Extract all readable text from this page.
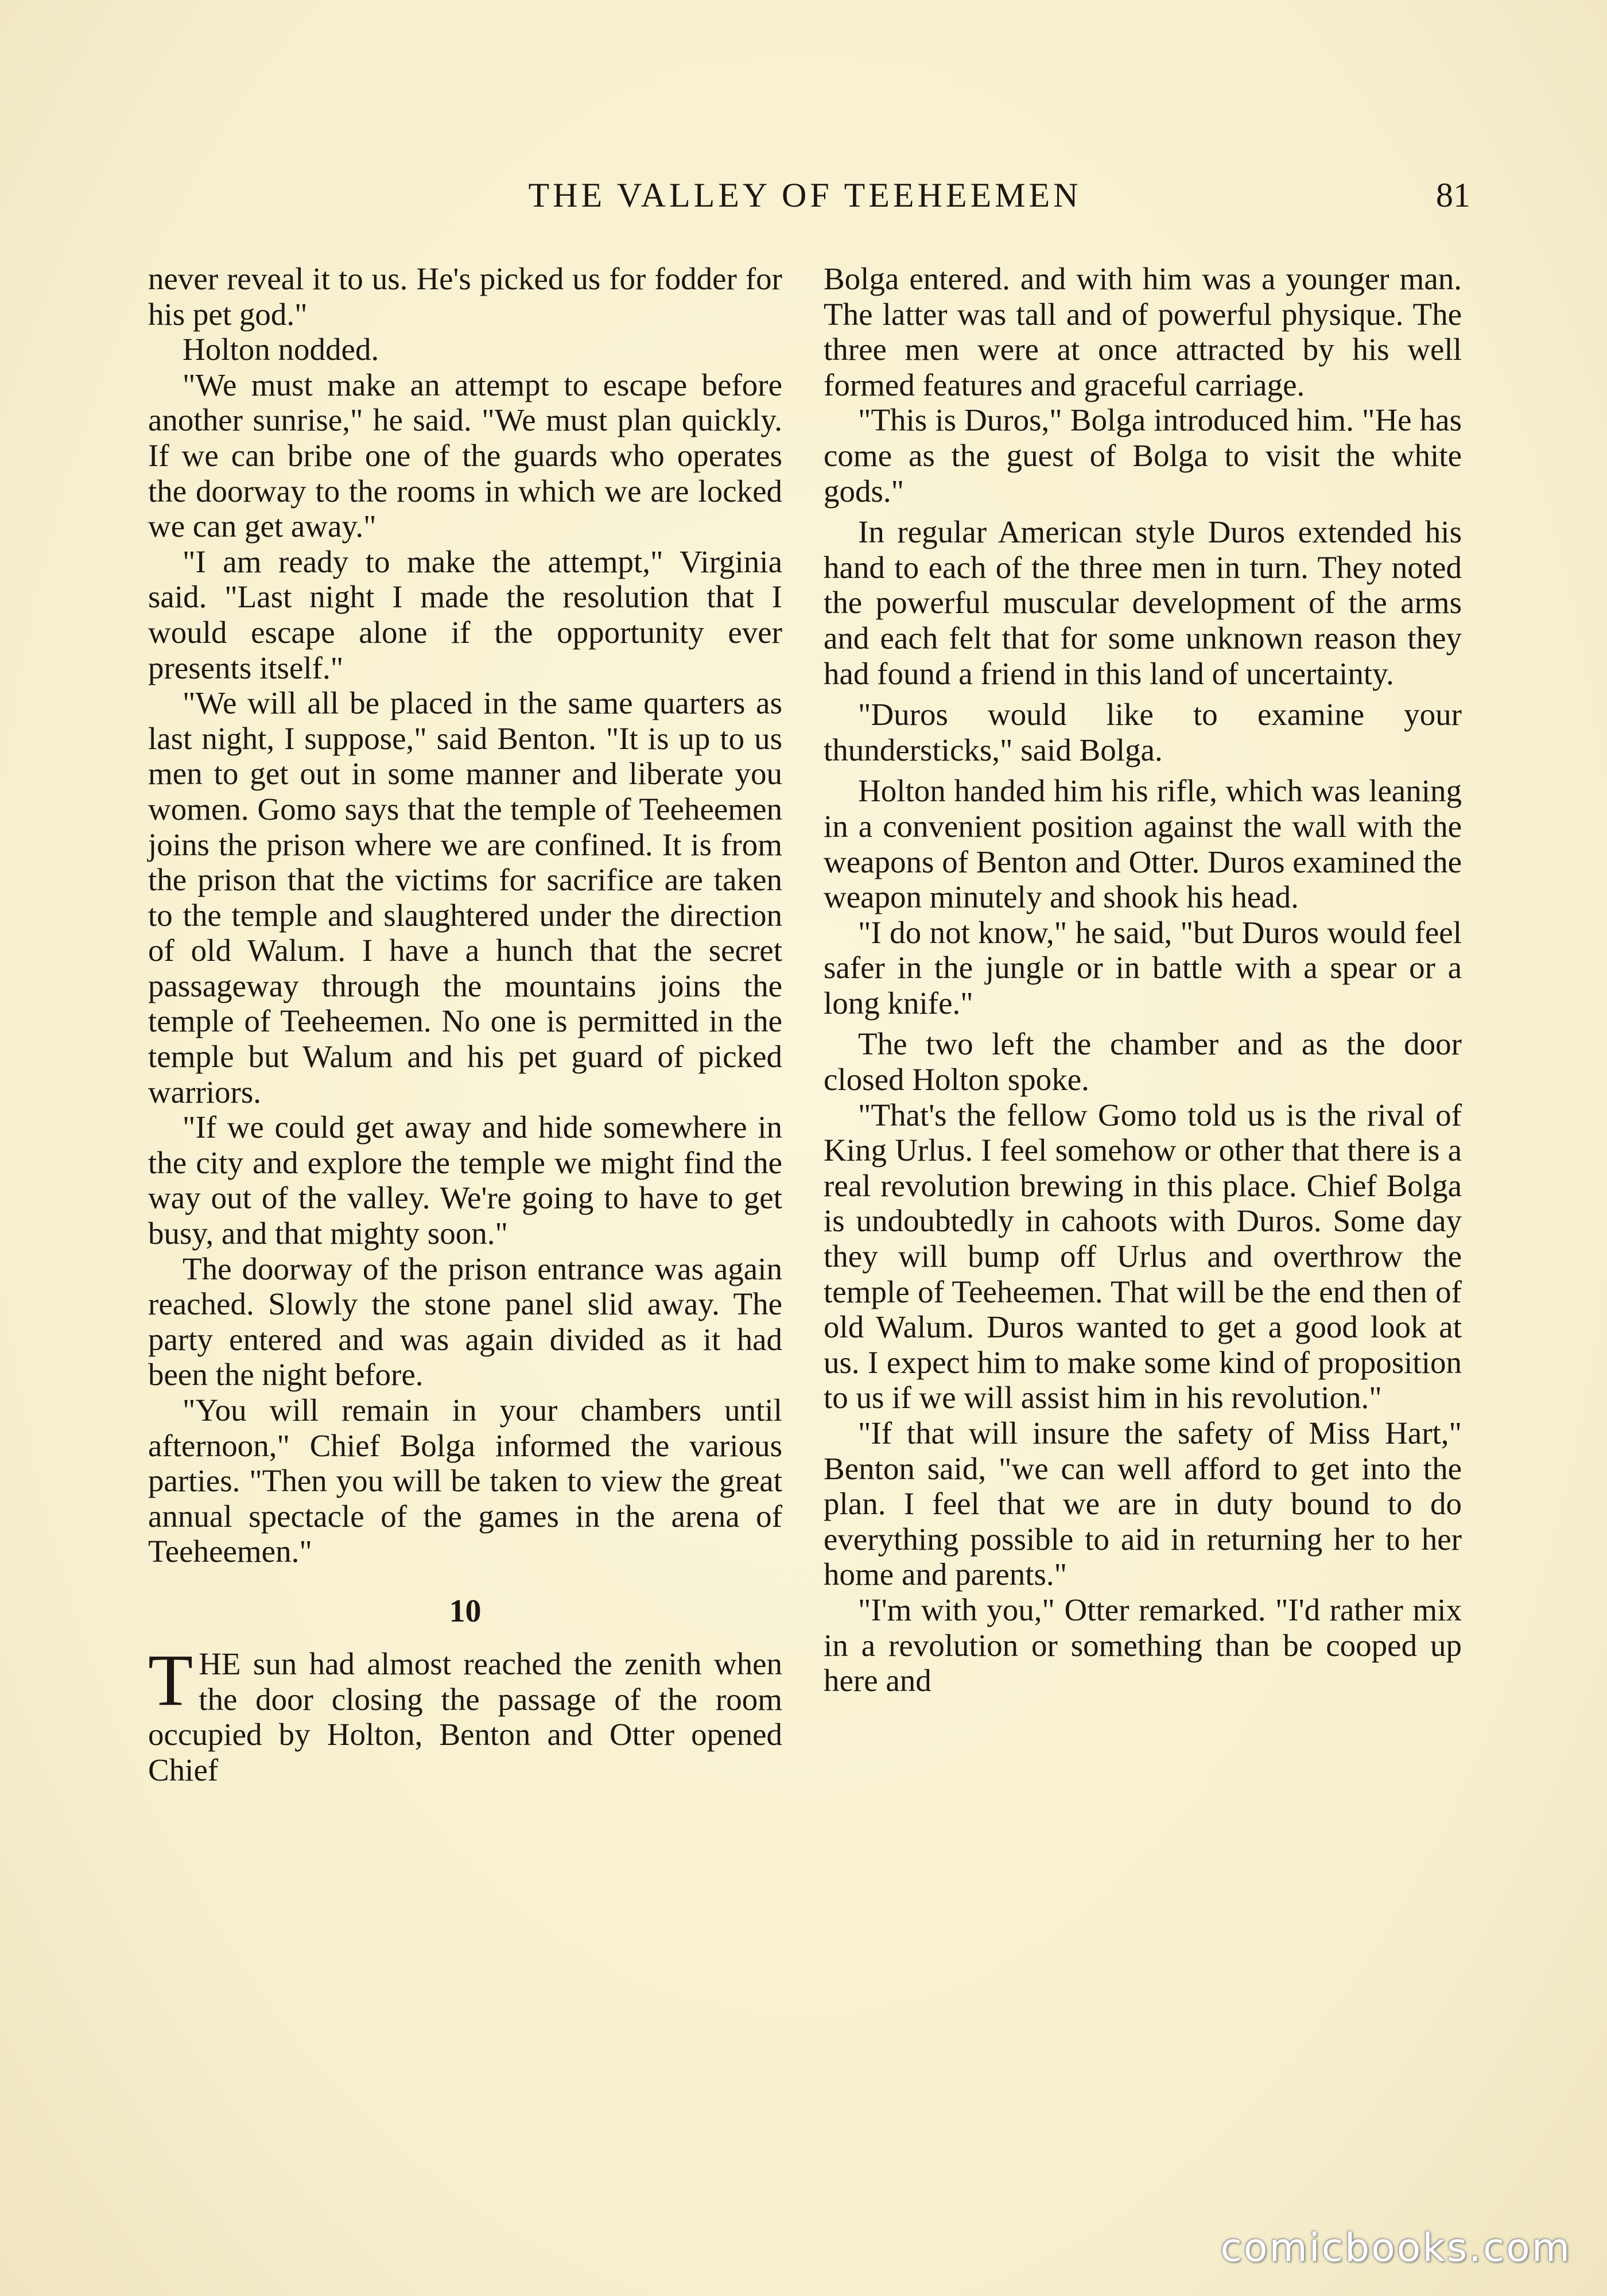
THE VALLEY OF TEEHEEMEN	81

never reveal it to us. He's picked us for fodder for his pet god."

Holton nodded.

"We must make an attempt to escape before another sunrise," he said. "We must plan quickly. If we can bribe one of the guards who operates the doorway to the rooms in which we are locked we can get away."

"I am ready to make the attempt," Virginia said. "Last night I made the resolution that I would escape alone if the opportunity ever presents itself."

"We will all be placed in the same quarters as last night, I suppose," said Benton. "It is up to us men to get out in some manner and liberate you women. Gomo says that the temple of Teeheemen joins the prison where we are confined. It is from the prison that the victims for sacrifice are taken to the temple and slaughtered under the direction of old Walum. I have a hunch that the secret passageway through the mountains joins the temple of Teeheemen. No one is permitted in the temple but Walum and his pet guard of picked warriors.

"If we could get away and hide somewhere in the city and explore the temple we might find the way out of the valley. We're going to have to get busy, and that mighty soon."

The doorway of the prison entrance was again reached. Slowly the stone panel slid away. The party entered and was again divided as it had been the night before.

"You will remain in your chambers until afternoon," Chief Bolga informed the various parties. "Then you will be taken to view the great annual spectacle of the games in the arena of Teeheemen."

10

THE sun had almost reached the zenith when the door closing the passage of the room occupied by Holton, Benton and Otter opened Chief

Bolga entered. and with him was a younger man. The latter was tall and of powerful physique. The three men were at once attracted by his well formed features and graceful carriage.

"This is Duros," Bolga introduced him. "He has come as the guest of Bolga to visit the white gods."

In regular American style Duros extended his hand to each of the three men in turn. They noted the powerful muscular development of the arms and each felt that for some unknown reason they had found a friend in this land of uncertainty.

"Duros would like to examine your thundersticks," said Bolga.

Holton handed him his rifle, which was leaning in a convenient position against the wall with the weapons of Benton and Otter. Duros examined the weapon minutely and shook his head.

"I do not know," he said, "but Duros would feel safer in the jungle or in battle with a spear or a long knife."

The two left the chamber and as the door closed Holton spoke.

"That's the fellow Gomo told us is the rival of King Urlus. I feel somehow or other that there is a real revolution brewing in this place. Chief Bolga is undoubtedly in cahoots with Duros. Some day they will bump off Urlus and overthrow the temple of Teeheemen. That will be the end then of old Walum. Duros wanted to get a good look at us. I expect him to make some kind of proposition to us if we will assist him in his revolution."

"If that will insure the safety of Miss Hart," Benton said, "we can well afford to get into the plan. I feel that we are in duty bound to do everything possible to aid in returning her to her home and parents."

"I'm with you," Otter remarked. "I'd rather mix in a revolution or something than be cooped up here and

comicbooks.com
